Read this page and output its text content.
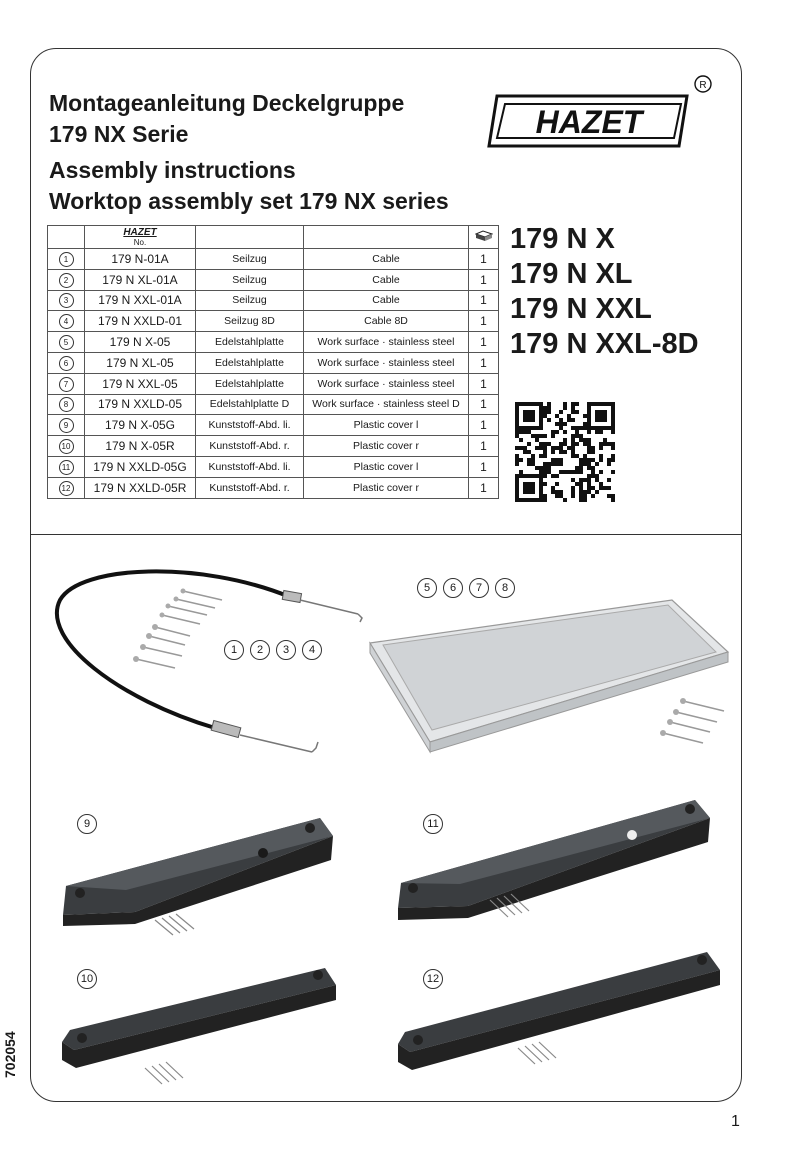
Montageanleitung Deckelgruppe
179 NX Serie
Assembly instructions
Worktop assembly set 179 NX series
HAZET
R
179 N X
179 N XL
179 N XXL
179 N XXL-8D

	HAZET
No.

1	179 N-01A	Seilzug	Cable	1
2	179 N XL-01A	Seilzug	Cable	1
3	179 N XXL-01A	Seilzug	Cable	1
4	179 N XXLD-01	Seilzug 8D	Cable 8D	1
5	179 N X-05	Edelstahlplatte	Work surface · stainless steel	1
6	179 N XL-05	Edelstahlplatte	Work surface · stainless steel	1
7	179 N XXL-05	Edelstahlplatte	Work surface · stainless steel	1
8	179 N XXLD-05	Edelstahlplatte D	Work surface · stainless steel D	1
9	179 N X-05G	Kunststoff-Abd. li.	Plastic cover l	1
10	179 N X-05R	Kunststoff-Abd. r.	Plastic cover r	1
11	179 N XXLD-05G	Kunststoff-Abd. li.	Plastic cover l	1
12	179 N XXLD-05R	Kunststoff-Abd. r.	Plastic cover r	1
1	2	3	4
5	6	7	8
9	11
10	12
702054
1
